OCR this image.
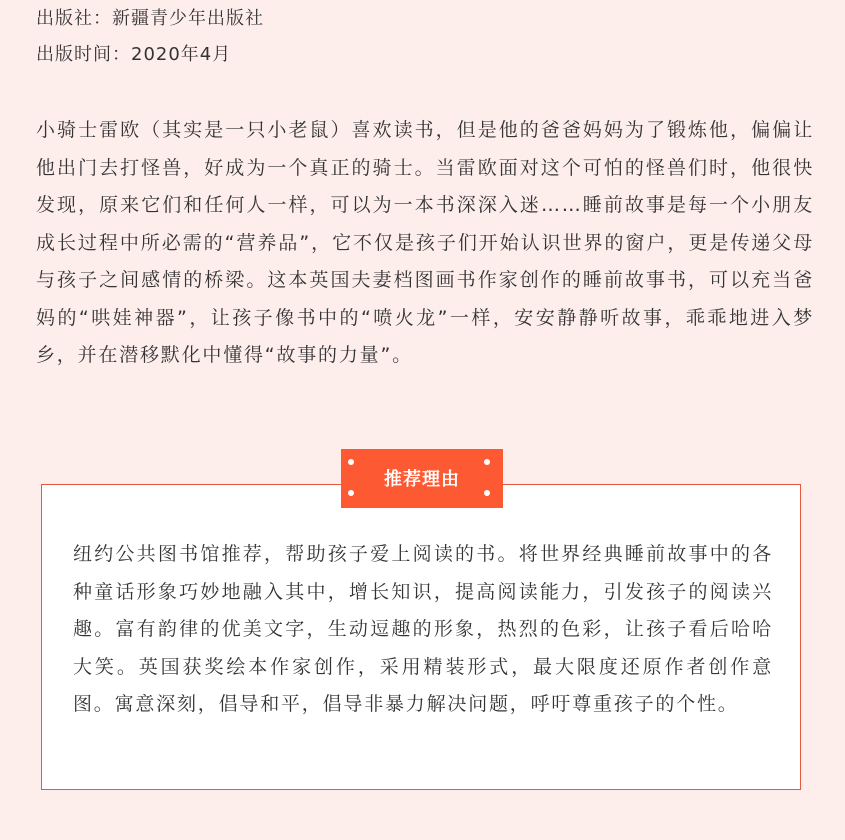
出版社：新疆青少年出版社
出版时间：2020年4月

小骑士雷欧（其实是一只小老鼠）喜欢读书，但是他的爸爸妈妈为了锻炼他，偏偏让他出门去打怪兽，好成为一个真正的骑士。当雷欧面对这个可怕的怪兽们时，他很快发现，原来它们和任何人一样，可以为一本书深深入迷……睡前故事是每一个小朋友成长过程中所必需的“营养品”，它不仅是孩子们开始认识世界的窗户，更是传递父母与孩子之间感情的桥梁。这本英国夫妻档图画书作家创作的睡前故事书，可以充当爸妈的“哄娃神器”，让孩子像书中的“喷火龙”一样，安安静静听故事，乖乖地进入梦乡，并在潜移默化中懂得“故事的力量”。

推荐理由

纽约公共图书馆推荐，帮助孩子爱上阅读的书。将世界经典睡前故事中的各种童话形象巧妙地融入其中，增长知识，提高阅读能力，引发孩子的阅读兴趣。富有韵律的优美文字，生动逗趣的形象，热烈的色彩，让孩子看后哈哈大笑。英国获奖绘本作家创作，采用精装形式，最大限度还原作者创作意图。寓意深刻，倡导和平，倡导非暴力解决问题，呼吁尊重孩子的个性。
